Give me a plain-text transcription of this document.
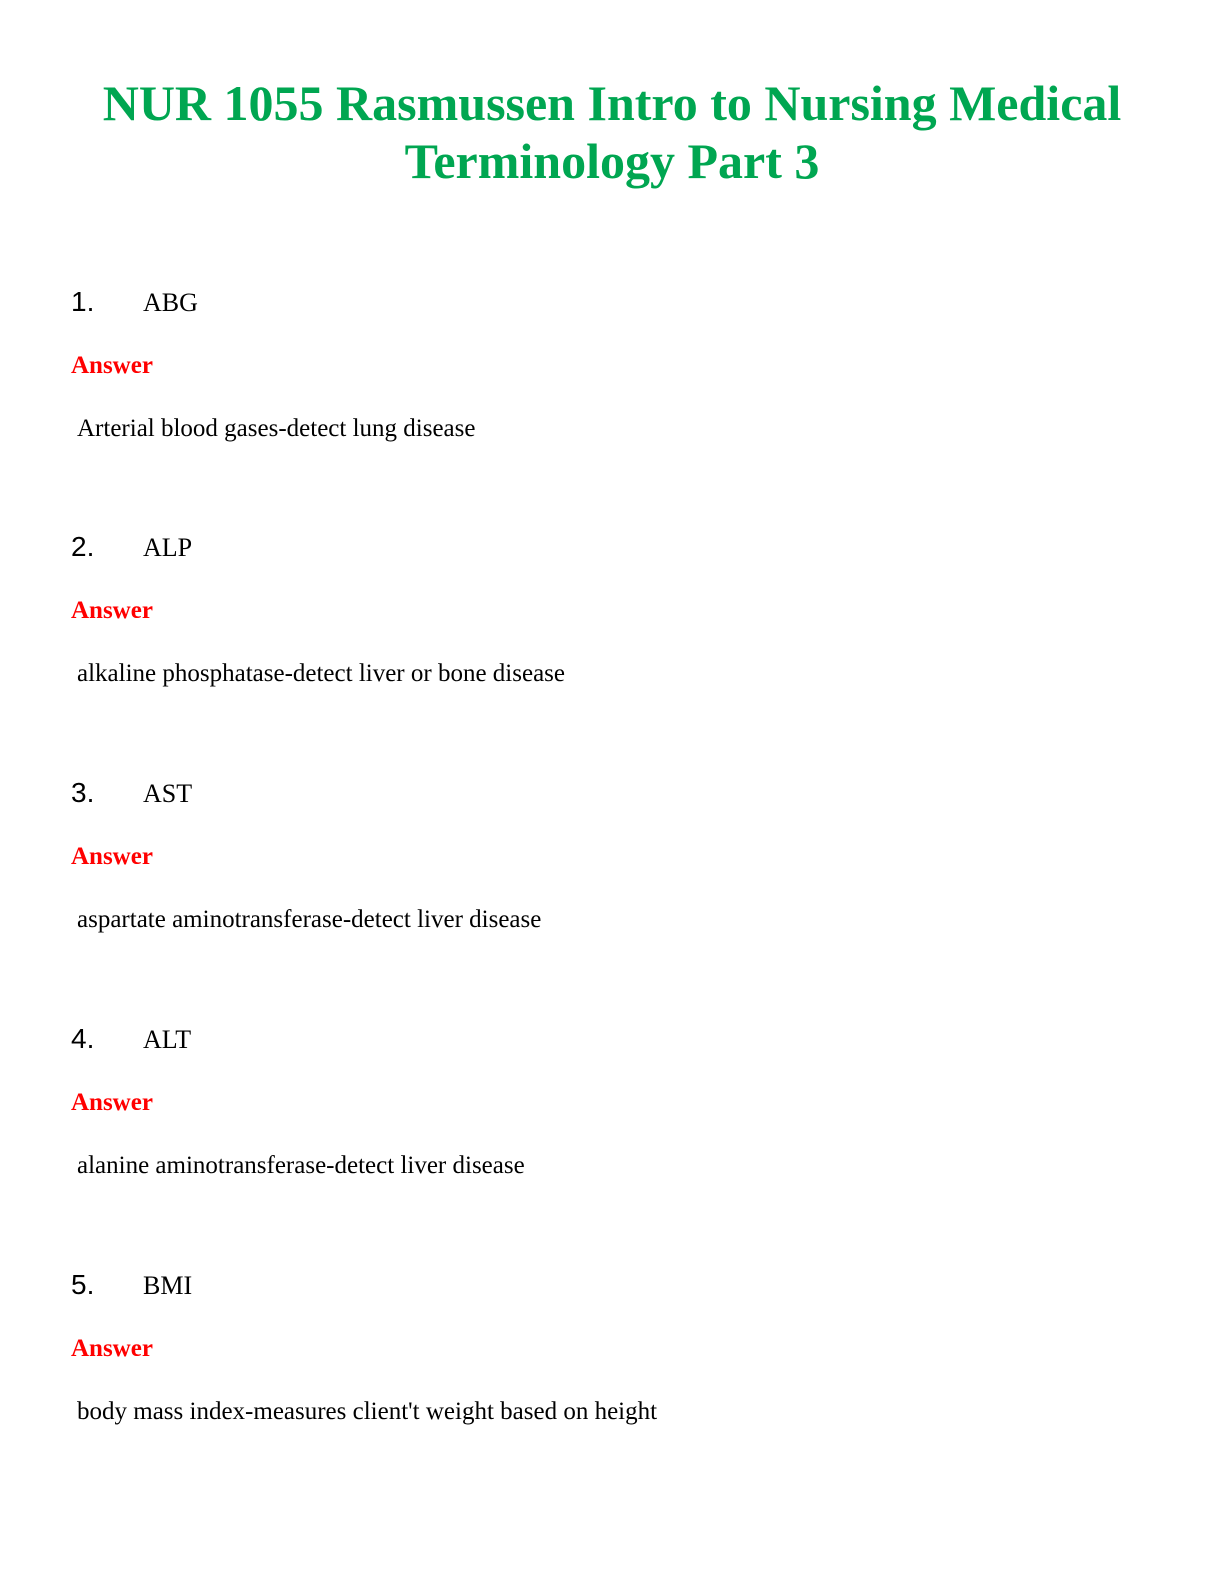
NUR 1055 Rasmussen Intro to Nursing Medical
Terminology Part 3
1. ABG
Answer
Arterial blood gases-detect lung disease
2. ALP
Answer
alkaline phosphatase-detect liver or bone disease
3. AST
Answer
aspartate aminotransferase-detect liver disease
4. ALT
Answer
alanine aminotransferase-detect liver disease
5. BMI
Answer
body mass index-measures client't weight based on height
